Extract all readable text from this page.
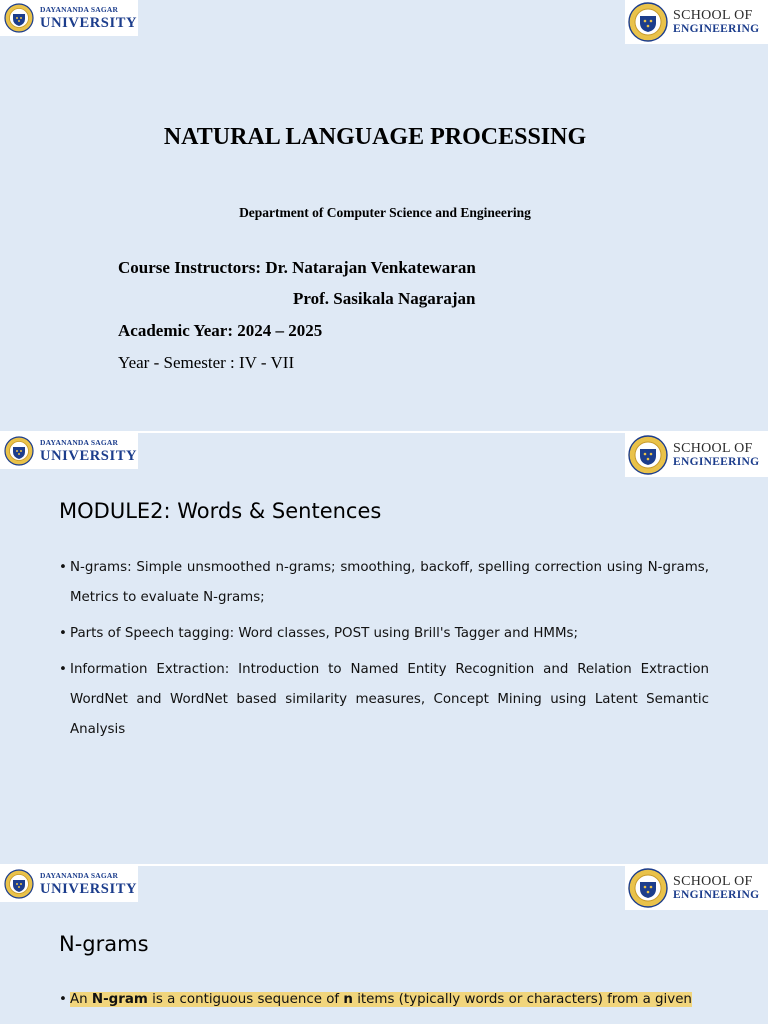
DAYANANDA SAGAR
UNIVERSITY	SCHOOL OF
ENGINEERING
NATURAL LANGUAGE PROCESSING
Department of Computer Science and Engineering
Course Instructors: Dr. Natarajan Venkatewaran
Prof. Sasikala Nagarajan
Academic Year: 2024 – 2025
Year - Semester : IV - VII
DAYANANDA SAGAR
UNIVERSITY	SCHOOL OF
ENGINEERING
MODULE2: Words & Sentences
• N-grams: Simple unsmoothed n-grams; smoothing, backoff, spelling correction using N-grams, Metrics to evaluate N-grams;
• Parts of Speech tagging: Word classes, POST using Brill's Tagger and HMMs;
• Information Extraction: Introduction to Named Entity Recognition and Relation Extraction WordNet and WordNet based similarity measures, Concept Mining using Latent Semantic Analysis
DAYANANDA SAGAR
UNIVERSITY	SCHOOL OF
ENGINEERING
N-grams
• An N-gram is a contiguous sequence of n items (typically words or characters) from a given
